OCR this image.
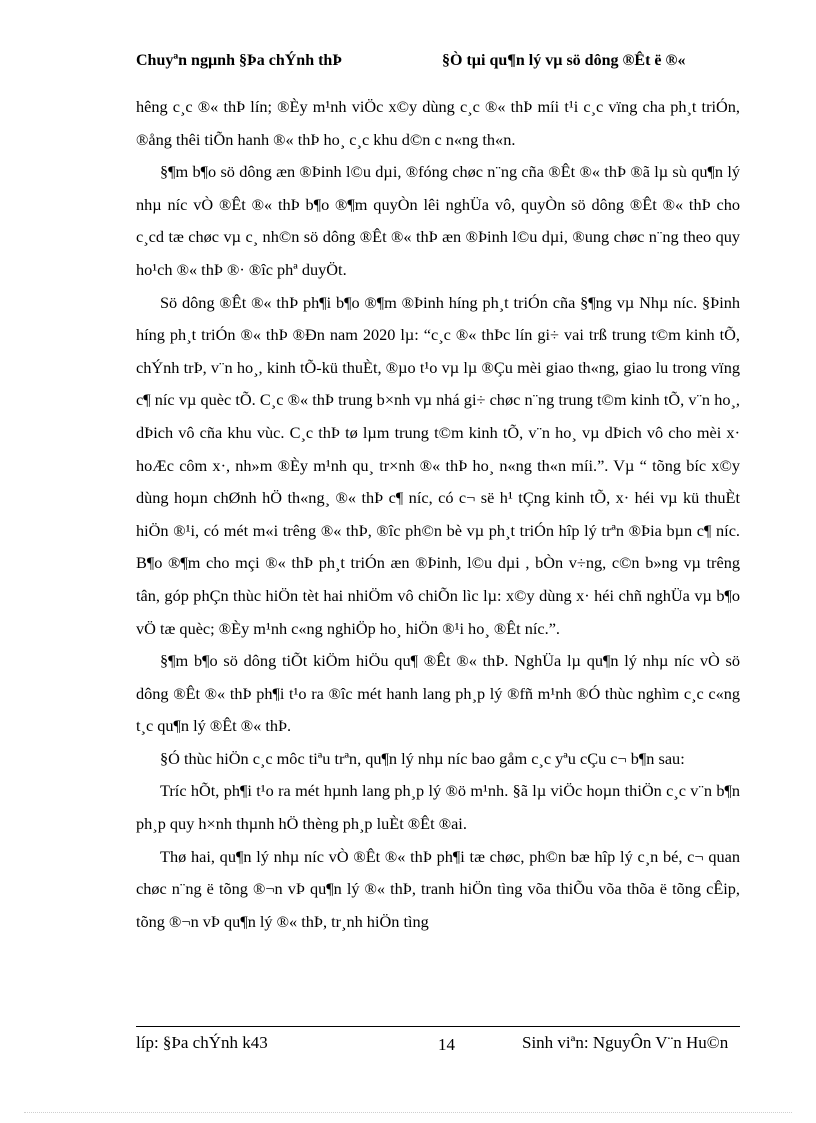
Chuyªn ngµnh §Þa chÝnh thÞ	§Ò tµi qu¶n lý vµ sö dông ®Êt ë ®«

hêng c¸c ®« thÞ lín; ®Èy m¹nh viÖc x©y dùng c¸c ®« thÞ míi t¹i c¸c vïng cha ph¸t triÓn, ®ång thêi tiÕn hanh ®« thÞ ho¸ c¸c khu d©n c n«ng th«n.

§¶m b¶o sö dông æn ®Þinh l©u dµi, ®fóng chøc n¨ng cña ®Êt ®« thÞ ®ã lµ sù qu¶n lý nhµ níc vÒ ®Êt ®« thÞ b¶o ®¶m quyÒn lêi nghÜa vô, quyÒn sö dông ®Êt ®« thÞ cho c¸cd tæ chøc vµ c¸ nh©n sö dông ®Êt ®« thÞ æn ®Þinh l©u dµi, ®ung chøc n¨ng theo quy ho¹ch ®« thÞ ®· ®îc phª duyÖt.

Sö dông ®Êt ®« thÞ ph¶i b¶o ®¶m ®Þinh híng ph¸t triÓn cña §¶ng vµ Nhµ níc. §Þinh híng ph¸t triÓn ®« thÞ ®Ðn nam 2020 lµ: “c¸c ®« thÞc lín gi÷ vai trß trung t©m kinh tÕ, chÝnh trÞ, v¨n ho¸, kinh tÕ-kü thuÈt, ®µo t¹o vµ lµ ®Çu mèi giao th«ng, giao lu trong vïng c¶ níc vµ quèc tÕ. C¸c ®« thÞ trung b×nh vµ nhá gi÷ chøc n¨ng trung t©m kinh tÕ, v¨n ho¸, dÞich vô cña khu vùc. C¸c thÞ tø lµm trung t©m kinh tÕ, v¨n ho¸ vµ dÞich vô cho mèi x· hoÆc côm x·, nh»m ®Èy m¹nh qu¸ tr×nh ®« thÞ ho¸ n«ng th«n míi.”. Vµ “ tõng bíc x©y dùng hoµn chØnh hÖ th«ng¸ ®« thÞ c¶ níc, có c¬ së h¹ tÇng kinh tÕ, x· héi vµ kü thuÈt hiÖn ®¹i, có mét m«i trêng ®« thÞ, ®îc ph©n bè vµ ph¸t triÓn hîp lý trªn ®Þia bµn c¶ níc. B¶o ®¶m cho mçi ®« thÞ ph¸t triÓn æn ®Þinh, l©u dµi , bÒn v÷ng, c©n b»ng vµ trêng tân, góp phÇn thùc hiÖn tèt hai nhiÖm vô chiÕn lìc lµ: x©y dùng x· héi chñ nghÜa vµ b¶o vÖ tæ quèc; ®Èy m¹nh c«ng nghiÖp ho¸ hiÖn ®¹i ho¸ ®Êt níc.”.

§¶m b¶o sö dông tiÕt kiÖm hiÖu qu¶ ®Êt ®« thÞ. NghÜa lµ qu¶n lý nhµ níc vÒ sö dông ®Êt ®« thÞ ph¶i t¹o ra ®îc mét hanh lang ph¸p lý ®fñ m¹nh ®Ó thùc nghìm c¸c c«ng t¸c qu¶n lý ®Êt ®« thÞ.

§Ó thùc hiÖn c¸c môc tiªu trªn, qu¶n lý nhµ níc bao gåm c¸c yªu cÇu c¬ b¶n sau:

Tríc hÕt, ph¶i t¹o ra mét hµnh lang ph¸p lý ®ö m¹nh. §ã lµ viÖc hoµn thiÖn c¸c v¨n b¶n ph¸p quy h×nh thµnh hÖ thèng ph¸p luÈt ®Êt ®ai.

Thø hai, qu¶n lý nhµ níc vÒ ®Êt ®« thÞ ph¶i tæ chøc, ph©n bæ hîp lý c¸n bé, c¬ quan chøc n¨ng ë tõng ®¬n vÞ qu¶n lý ®« thÞ, tranh hiÖn tìng võa thiÕu võa thõa ë tõng cÊip, tõng ®¬n vÞ qu¶n lý ®« thÞ, tr¸nh hiÖn tìng

líp: §Þa chÝnh k43	14	Sinh viªn: NguyÔn V¨n Hu©n
